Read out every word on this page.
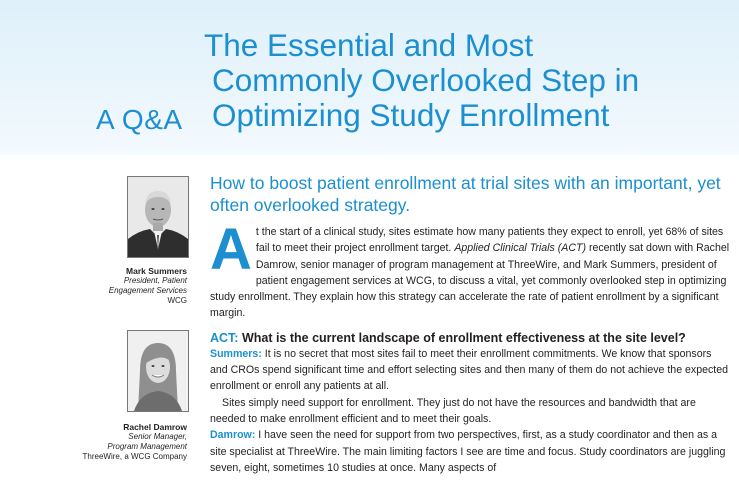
A Q&A
The Essential and Most
Commonly Overlooked Step in
Optimizing Study Enrollment
Mark Summers
President, Patient
Engagement Services
WCG
Rachel Damrow
Senior Manager,
Program Management
ThreeWire, a WCG Company
How to boost patient enrollment at trial sites with an important, yet often overlooked strategy.

At the start of a clinical study, sites estimate how many patients they expect to enroll, yet 68% of sites fail to meet their project enrollment target. Applied Clinical Trials (ACT) recently sat down with Rachel Damrow, senior manager of program management at ThreeWire, and Mark Summers, president of patient engagement services at WCG, to discuss a vital, yet commonly overlooked step in optimizing study enrollment. They explain how this strategy can accelerate the rate of patient enrollment by a significant margin.

ACT: What is the current landscape of enrollment effectiveness at the site level?

Summers: It is no secret that most sites fail to meet their enrollment commitments. We know that sponsors and CROs spend significant time and effort selecting sites and then many of them do not achieve the expected enrollment or enroll any patients at all.

Sites simply need support for enrollment. They just do not have the resources and bandwidth that are needed to make enrollment efficient and to meet their goals.

Damrow: I have seen the need for support from two perspectives, first, as a study coordinator and then as a site specialist at ThreeWire. The main limiting factors I see are time and focus. Study coordinators are juggling seven, eight, sometimes 10 studies at once. Many aspects of
